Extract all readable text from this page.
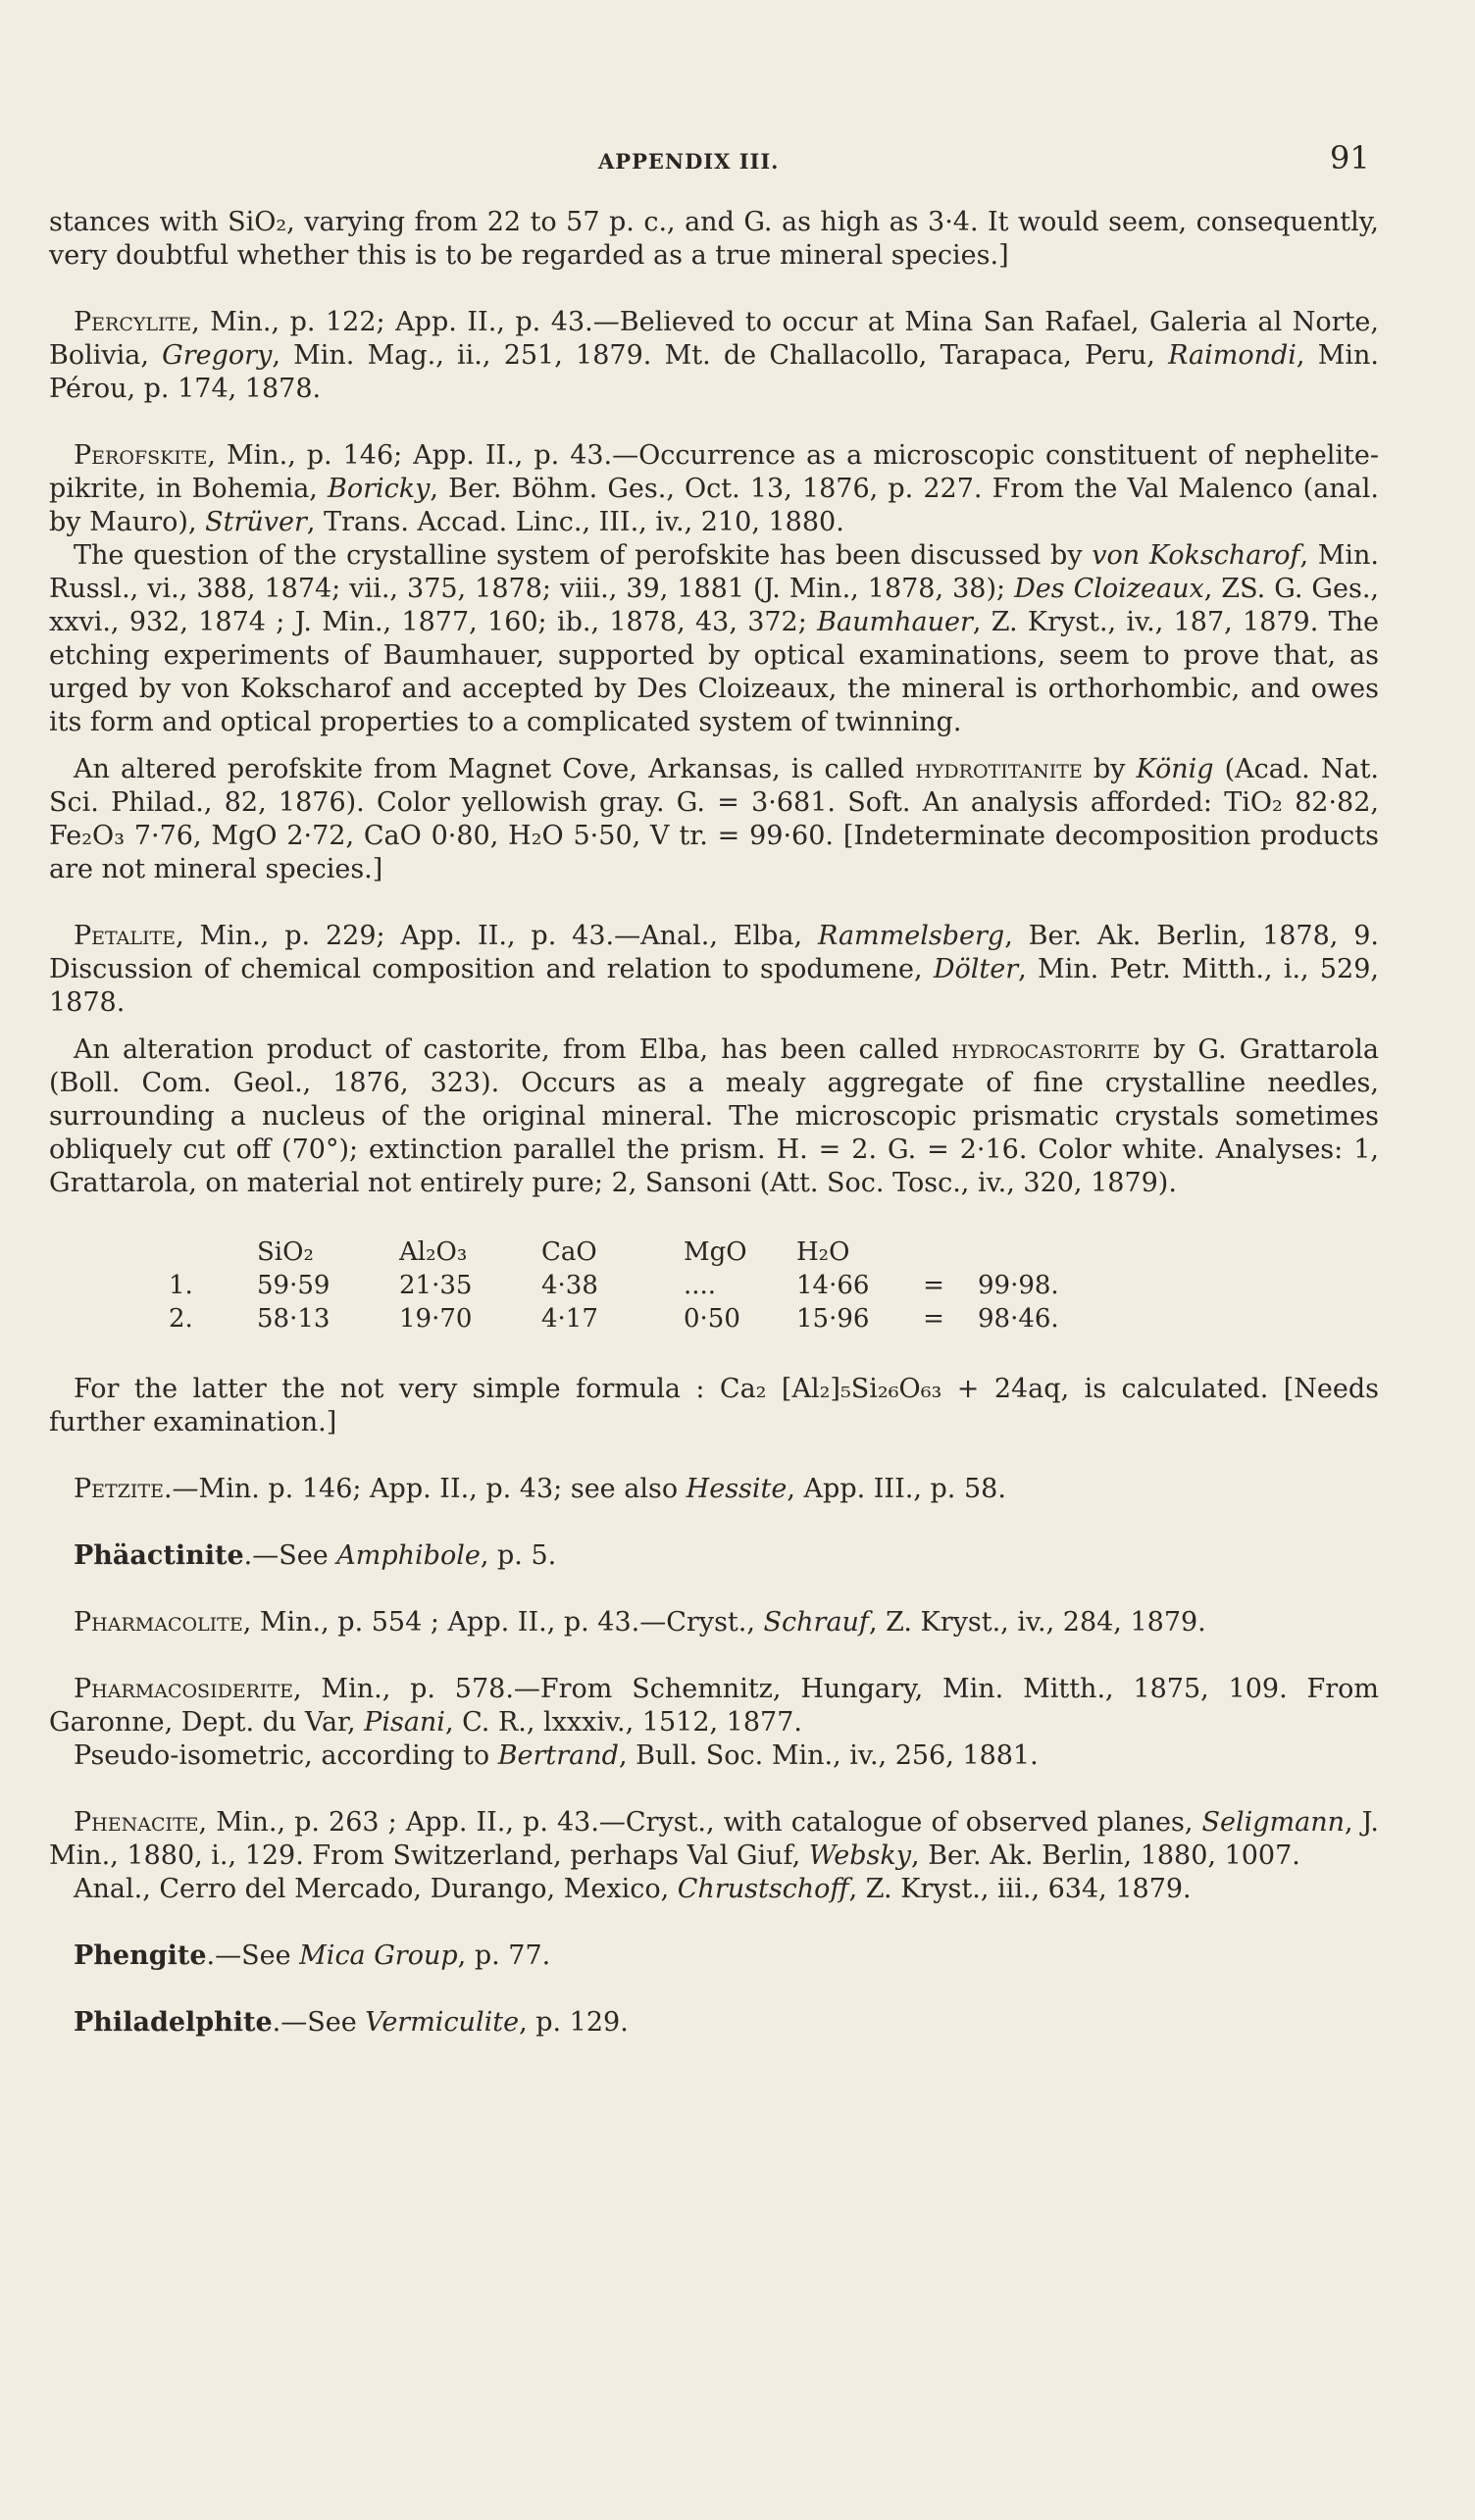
APPENDIX III.	91

stances with SiO₂, varying from 22 to 57 p. c., and G. as high as 3·4. It would seem, consequently, very doubtful whether this is to be regarded as a true mineral species.]

Percylite, Min., p. 122; App. II., p. 43.—Believed to occur at Mina San Rafael, Galeria al Norte, Bolivia, Gregory, Min. Mag., ii., 251, 1879. Mt. de Challacollo, Tarapaca, Peru, Raimondi, Min. Pérou, p. 174, 1878.

Perofskite, Min., p. 146; App. II., p. 43.—Occurrence as a microscopic constituent of nephelite-pikrite, in Bohemia, Boricky, Ber. Böhm. Ges., Oct. 13, 1876, p. 227. From the Val Malenco (anal. by Mauro), Strüver, Trans. Accad. Linc., III., iv., 210, 1880.

The question of the crystalline system of perofskite has been discussed by von Kokscharof, Min. Russl., vi., 388, 1874; vii., 375, 1878; viii., 39, 1881 (J. Min., 1878, 38); Des Cloizeaux, ZS. G. Ges., xxvi., 932, 1874 ; J. Min., 1877, 160; ib., 1878, 43, 372; Baumhauer, Z. Kryst., iv., 187, 1879. The etching experiments of Baumhauer, supported by optical examinations, seem to prove that, as urged by von Kokscharof and accepted by Des Cloizeaux, the mineral is orthorhombic, and owes its form and optical properties to a complicated system of twinning.

An altered perofskite from Magnet Cove, Arkansas, is called hydrotitanite by König (Acad. Nat. Sci. Philad., 82, 1876). Color yellowish gray. G. = 3·681. Soft. An analysis afforded: TiO₂ 82·82, Fe₂O₃ 7·76, MgO 2·72, CaO 0·80, H₂O 5·50, V tr. = 99·60. [Indeterminate decomposition products are not mineral species.]

Petalite, Min., p. 229; App. II., p. 43.—Anal., Elba, Rammelsberg, Ber. Ak. Berlin, 1878, 9. Discussion of chemical composition and relation to spodumene, Dölter, Min. Petr. Mitth., i., 529, 1878.

An alteration product of castorite, from Elba, has been called hydrocastorite by G. Grattarola (Boll. Com. Geol., 1876, 323). Occurs as a mealy aggregate of fine crystalline needles, surrounding a nucleus of the original mineral. The microscopic prismatic crystals sometimes obliquely cut off (70°); extinction parallel the prism. H. = 2. G. = 2·16. Color white. Analyses: 1, Grattarola, on material not entirely pure; 2, Sansoni (Att. Soc. Tosc., iv., 320, 1879).

	SiO₂	Al₂O₃	CaO	MgO	H₂O		
1.	59·59	21·35	4·38	....	14·66	=	99·98.
2.	58·13	19·70	4·17	0·50	15·96	=	98·46.

For the latter the not very simple formula : Ca₂ [Al₂]₅Si₂₆O₆₃ + 24aq, is calculated. [Needs further examination.]

Petzite.—Min. p. 146; App. II., p. 43; see also Hessite, App. III., p. 58.

Phäactinite.—See Amphibole, p. 5.

Pharmacolite, Min., p. 554 ; App. II., p. 43.—Cryst., Schrauf, Z. Kryst., iv., 284, 1879.

Pharmacosiderite, Min., p. 578.—From Schemnitz, Hungary, Min. Mitth., 1875, 109. From Garonne, Dept. du Var, Pisani, C. R., lxxxiv., 1512, 1877.

Pseudo-isometric, according to Bertrand, Bull. Soc. Min., iv., 256, 1881.

Phenacite, Min., p. 263 ; App. II., p. 43.—Cryst., with catalogue of observed planes, Seligmann, J. Min., 1880, i., 129. From Switzerland, perhaps Val Giuf, Websky, Ber. Ak. Berlin, 1880, 1007.

Anal., Cerro del Mercado, Durango, Mexico, Chrustschoff, Z. Kryst., iii., 634, 1879.

Phengite.—See Mica Group, p. 77.

Philadelphite.—See Vermiculite, p. 129.
